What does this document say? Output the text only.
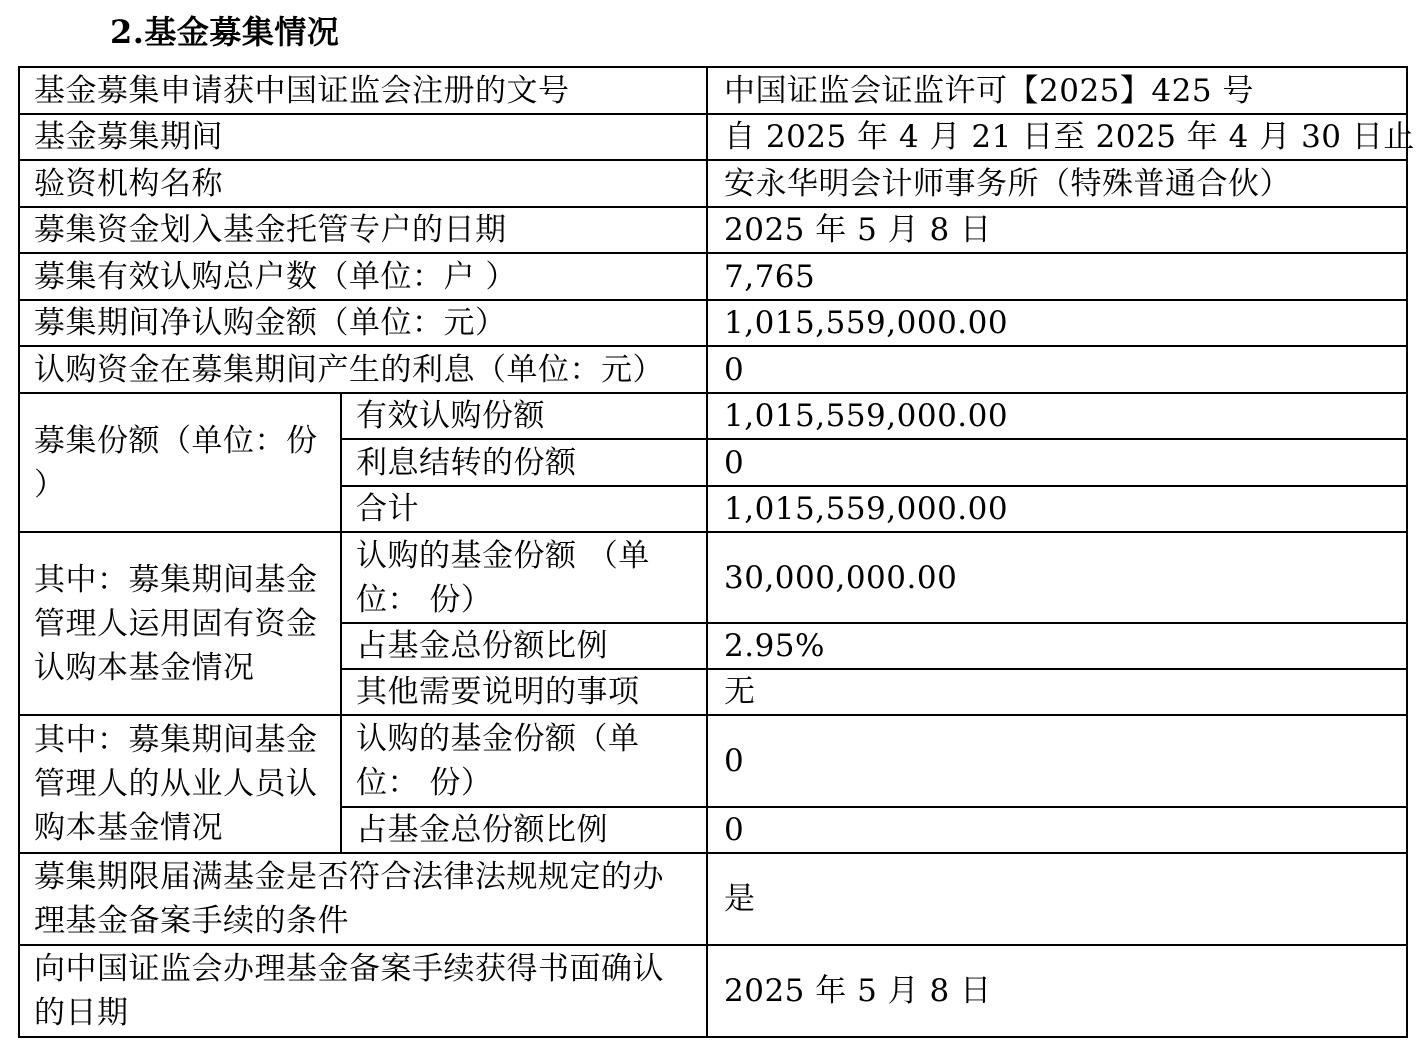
2.基金募集情况
基金募集申请获中国证监会注册的文号		中国证监会证监许可【2025】425 号
基金募集期间		自 2025 年 4 月 21 日至 2025 年 4 月 30 日止
验资机构名称		安永华明会计师事务所（特殊普通合伙）
募集资金划入基金托管专户的日期		2025 年 5 月 8 日
募集有效认购总户数（单位：户 ）		7,765
募集期间净认购金额（单位：元）		1,015,559,000.00
认购资金在募集期间产生的利息（单位：元）		0
募集份额（单位：份 ）	有效认购份额	1,015,559,000.00
	利息结转的份额	0
	合计	1,015,559,000.00
其中：募集期间基金管理人运用固有资金认购本基金情况	认购的基金份额 （单位： 份）	30,000,000.00
	占基金总份额比例	2.95%
	其他需要说明的事项	无
其中：募集期间基金管理人的从业人员认购本基金情况	认购的基金份额（单位： 份）	0
	占基金总份额比例	0
募集期限届满基金是否符合法律法规规定的办理基金备案手续的条件		是
向中国证监会办理基金备案手续获得书面确认的日期		2025 年 5 月 8 日
